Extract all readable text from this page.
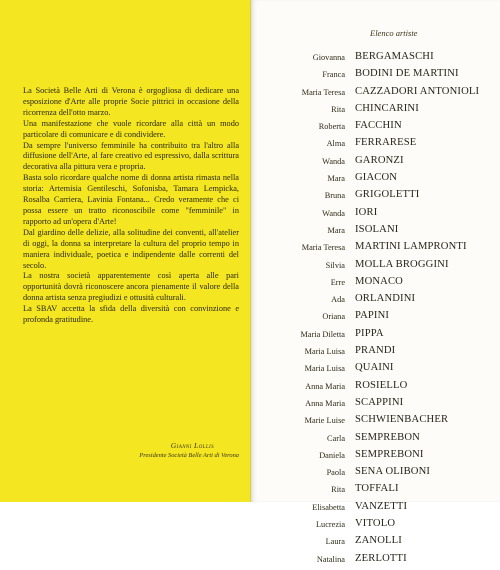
La Società Belle Arti di Verona è orgogliosa di dedicare una esposizione d'Arte alle proprie Socie pittrici in occasione della ricorrenza dell'otto marzo.

Una manifestazione che vuole ricordare alla città un modo particolare di comunicare e di condividere.

Da sempre l'universo femminile ha contribuito tra l'altro alla diffusione dell'Arte, al fare creativo ed espressivo, dalla scrittura decorativa alla pittura vera e propria.

Basta solo ricordare qualche nome di donna artista rimasta nella storia: Artemisia Gentileschi, Sofonisba, Tamara Lempicka, Rosalba Carriera, Lavinia Fontana... Credo veramente che ci possa essere un tratto riconoscibile come "femminile" in rapporto ad un'opera d'Arte!

Dal giardino delle delizie, alla solitudine dei conventi, all'atelier di oggi, la donna sa interpretare la cultura del proprio tempo in maniera individuale, poetica e indipendente dalle correnti del secolo.

La nostra società apparentemente così aperta alle pari opportunità dovrà riconoscere ancora pienamente il valore della donna artista senza pregiudizi e ottusità culturali.

La SBAV accetta la sfida della diversità con convinzione e profonda gratitudine.

Gianni Lollis
Presidente Società Belle Arti di Verona
Elenco artiste
Giovanna BERGAMASCHI
Franca BODINI DE MARTINI
Maria Teresa CAZZADORI ANTONIOLI
Rita CHINCARINI
Roberta FACCHIN
Alma FERRARESE
Wanda GARONZI
Mara GIACON
Bruna GRIGOLETTI
Wanda IORI
Mara ISOLANI
Maria Teresa MARTINI LAMPRONTI
Silvia MOLLA BROGGINI
Erre MONACO
Ada ORLANDINI
Oriana PAPINI
Maria Diletta PIPPA
Maria Luisa PRANDI
Maria Luisa QUAINI
Anna Maria ROSIELLO
Anna Maria SCAPPINI
Marie Luise SCHWIENBACHER
Carla SEMPREBON
Daniela SEMPREBONI
Paola SENA OLIBONI
Rita TOFFALI
Elisabetta VANZETTI
Lucrezia VITOLO
Laura ZANOLLI
Natalina ZERLOTTI
